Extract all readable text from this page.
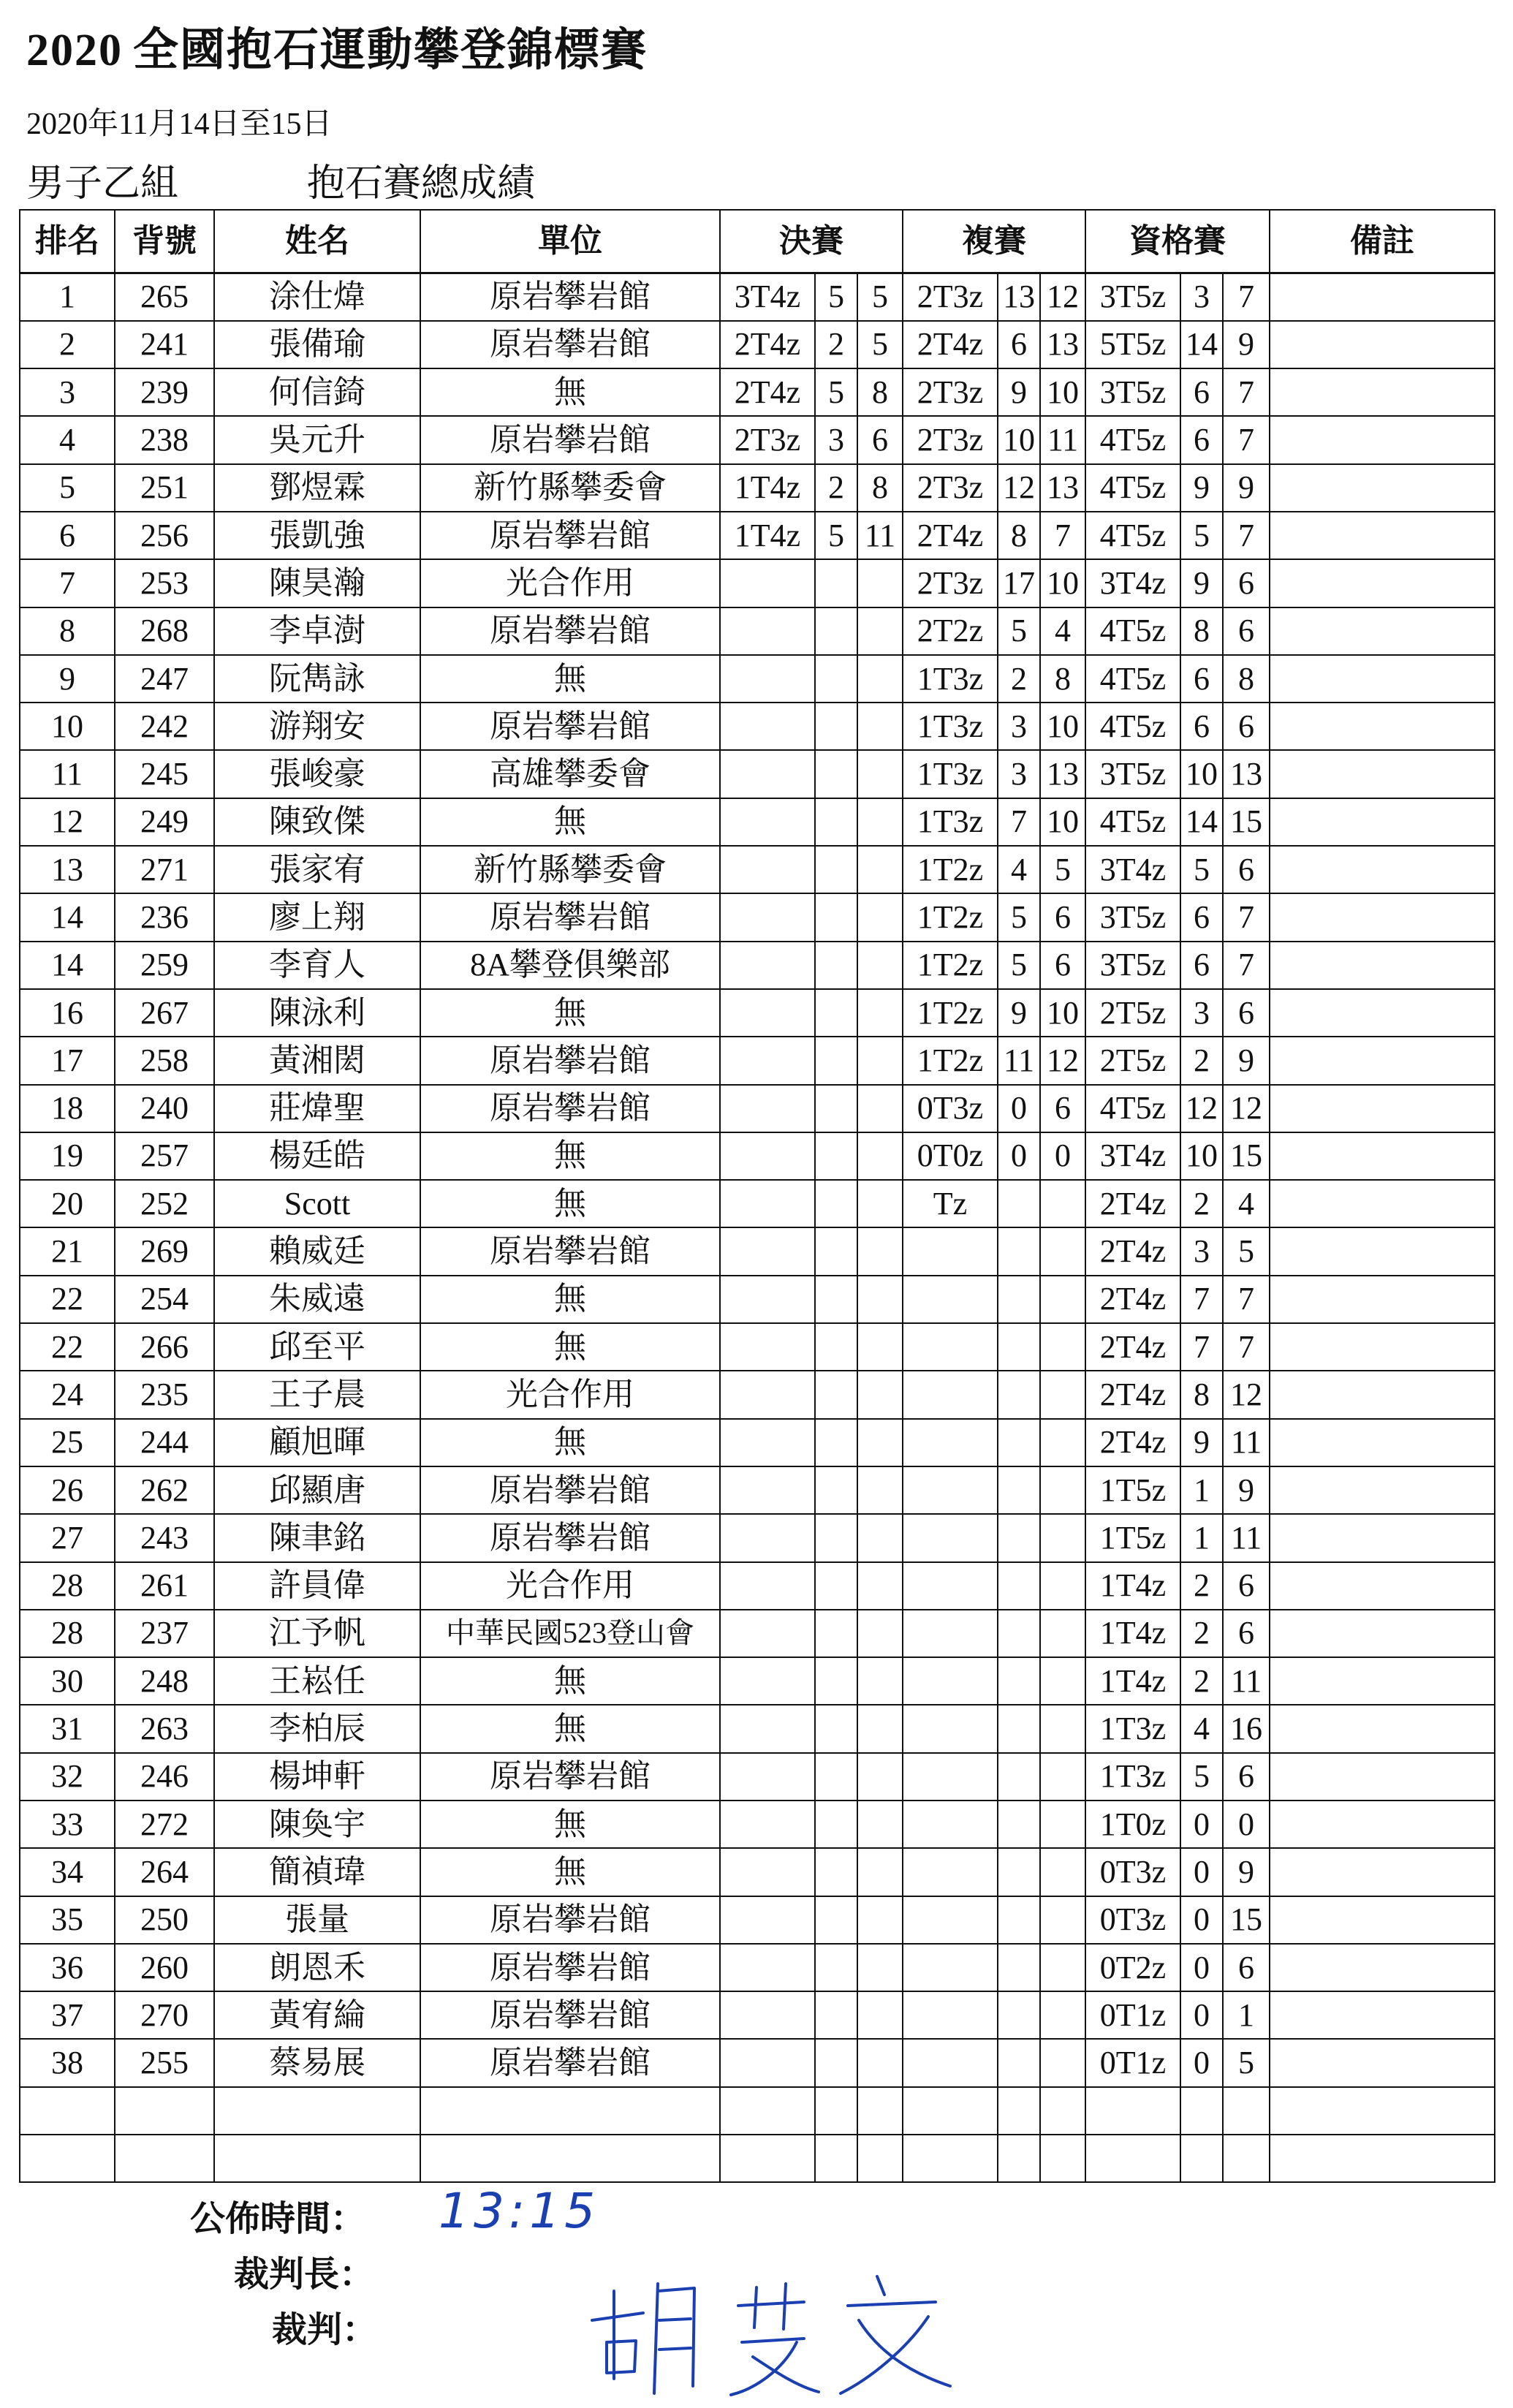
2020 全國抱石運動攀登錦標賽
2020年11月14日至15日
男子乙組	抱石賽總成績
排名	背號	姓名	單位	決賽			複賽			資格賽			備註
1	265	涂仕煒	原岩攀岩館	3T4z	5	5	2T3z	13	12	3T5z	3	7	
2	241	張備瑜	原岩攀岩館	2T4z	2	5	2T4z	6	13	5T5z	14	9	
3	239	何信錡	無	2T4z	5	8	2T3z	9	10	3T5z	6	7	
4	238	吳元升	原岩攀岩館	2T3z	3	6	2T3z	10	11	4T5z	6	7	
5	251	鄧煜霖	新竹縣攀委會	1T4z	2	8	2T3z	12	13	4T5z	9	9	
6	256	張凱強	原岩攀岩館	1T4z	5	11	2T4z	8	7	4T5z	5	7	
7	253	陳昊瀚	光合作用				2T3z	17	10	3T4z	9	6	
8	268	李卓澍	原岩攀岩館				2T2z	5	4	4T5z	8	6	
9	247	阮雋詠	無				1T3z	2	8	4T5z	6	8	
10	242	游翔安	原岩攀岩館				1T3z	3	10	4T5z	6	6	
11	245	張峻豪	高雄攀委會				1T3z	3	13	3T5z	10	13	
12	249	陳致傑	無				1T3z	7	10	4T5z	14	15	
13	271	張家宥	新竹縣攀委會				1T2z	4	5	3T4z	5	6	
14	236	廖上翔	原岩攀岩館				1T2z	5	6	3T5z	6	7	
14	259	李育人	8A攀登俱樂部				1T2z	5	6	3T5z	6	7	
16	267	陳泳利	無				1T2z	9	10	2T5z	3	6	
17	258	黃湘閎	原岩攀岩館				1T2z	11	12	2T5z	2	9	
18	240	莊煒聖	原岩攀岩館				0T3z	0	6	4T5z	12	12	
19	257	楊廷皓	無				0T0z	0	0	3T4z	10	15	
20	252	Scott	無				Tz			2T4z	2	4	
21	269	賴威廷	原岩攀岩館							2T4z	3	5	
22	254	朱威遠	無							2T4z	7	7	
22	266	邱至平	無							2T4z	7	7	
24	235	王子晨	光合作用							2T4z	8	12	
25	244	顧旭暉	無							2T4z	9	11	
26	262	邱顯唐	原岩攀岩館							1T5z	1	9	
27	243	陳聿銘	原岩攀岩館							1T5z	1	11	
28	261	許員偉	光合作用							1T4z	2	6	
28	237	江予帆	中華民國523登山會							1T4z	2	6	
30	248	王崧任	無							1T4z	2	11	
31	263	李柏辰	無							1T3z	4	16	
32	246	楊坤軒	原岩攀岩館							1T3z	5	6	
33	272	陳奐宇	無							1T0z	0	0	
34	264	簡禎瑋	無							0T3z	0	9	
35	250	張量	原岩攀岩館							0T3z	0	15	
36	260	朗恩禾	原岩攀岩館							0T2z	0	6	
37	270	黃宥綸	原岩攀岩館							0T1z	0	1	
38	255	蔡易展	原岩攀岩館							0T1z	0	5	

公佈時間： 13:15
裁判長：
裁判：
